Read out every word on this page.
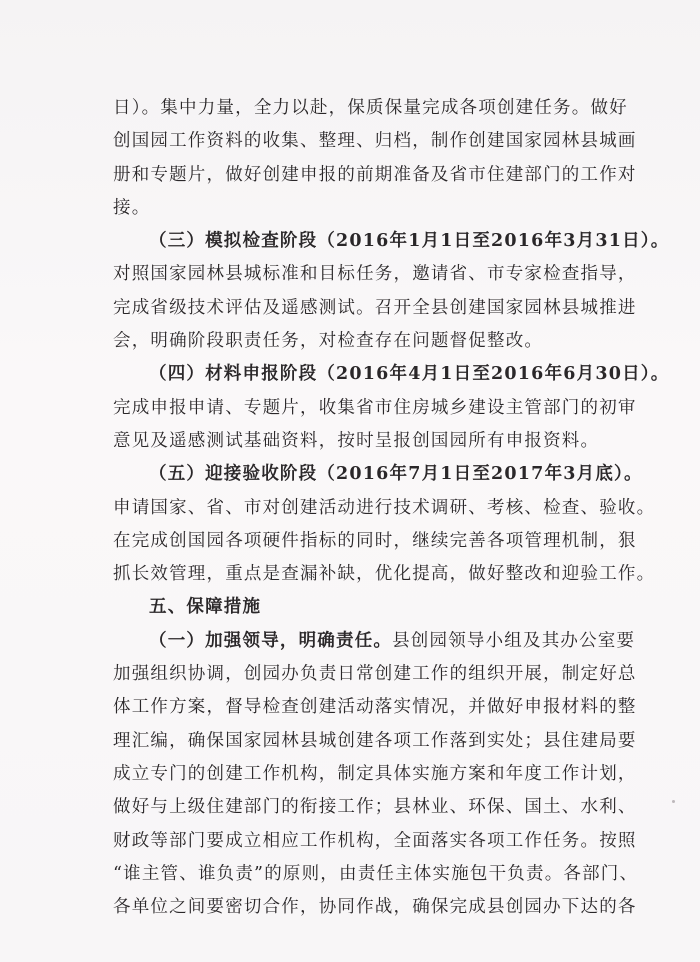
日）。集中力量，全力以赴，保质保量完成各项创建任务。做好
创国园工作资料的收集、整理、归档，制作创建国家园林县城画
册和专题片，做好创建申报的前期准备及省市住建部门的工作对
接。
（三）模拟检查阶段（2016年1月1日至2016年3月31日）。
对照国家园林县城标准和目标任务，邀请省、市专家检查指导，
完成省级技术评估及遥感测试。召开全县创建国家园林县城推进
会，明确阶段职责任务，对检查存在问题督促整改。
（四）材料申报阶段（2016年4月1日至2016年6月30日）。
完成申报申请、专题片，收集省市住房城乡建设主管部门的初审
意见及遥感测试基础资料，按时呈报创国园所有申报资料。
（五）迎接验收阶段（2016年7月1日至2017年3月底）。
申请国家、省、市对创建活动进行技术调研、考核、检查、验收。
在完成创国园各项硬件指标的同时，继续完善各项管理机制，狠
抓长效管理，重点是查漏补缺，优化提高，做好整改和迎验工作。
五、保障措施
（一）加强领导，明确责任。县创园领导小组及其办公室要
加强组织协调，创园办负责日常创建工作的组织开展，制定好总
体工作方案，督导检查创建活动落实情况，并做好申报材料的整
理汇编，确保国家园林县城创建各项工作落到实处；县住建局要
成立专门的创建工作机构，制定具体实施方案和年度工作计划，
做好与上级住建部门的衔接工作；县林业、环保、国土、水利、
财政等部门要成立相应工作机构，全面落实各项工作任务。按照
“谁主管、谁负责”的原则，由责任主体实施包干负责。各部门、
各单位之间要密切合作，协同作战，确保完成县创园办下达的各
